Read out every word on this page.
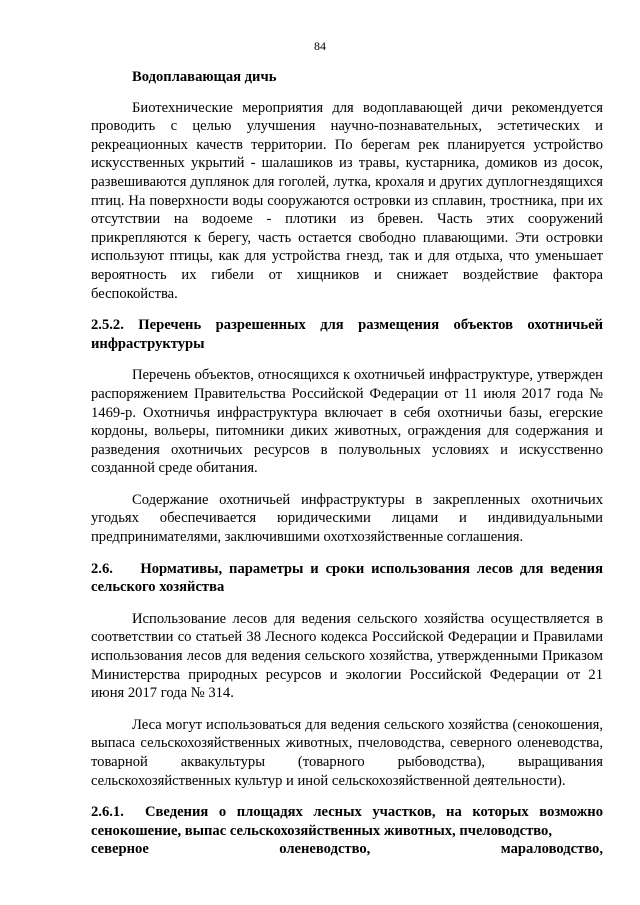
84
Водоплавающая дичь

Биотехнические мероприятия для водоплавающей дичи рекомендуется проводить с целью улучшения научно-познавательных, эстетических и рекреационных качеств территории. По берегам рек планируется устройство искусственных укрытий - шалашиков из травы, кустарника, домиков из досок, развешиваются дуплянок для гоголей, лутка, крохаля и других дуплогнездящихся птиц. На поверхности воды сооружаются островки из сплавин, тростника, при их отсутствии на водоеме - плотики из бревен. Часть этих сооружений прикрепляются к берегу, часть остается свободно плавающими. Эти островки используют птицы, как для устройства гнезд, так и для отдыха, что уменьшает вероятность их гибели от хищников и снижает воздействие фактора беспокойства.

2.5.2. Перечень разрешенных для размещения объектов охотничьей инфраструктуры

Перечень объектов, относящихся к охотничьей инфраструктуре, утвержден распоряжением Правительства Российской Федерации от 11 июля 2017 года № 1469-р. Охотничья инфраструктура включает в себя охотничьи базы, егерские кордоны, вольеры, питомники диких животных, ограждения для содержания и разведения охотничьих ресурсов в полувольных условиях и искусственно созданной среде обитания.

Содержание охотничьей инфраструктуры в закрепленных охотничьих угодьях обеспечивается юридическими лицами и индивидуальными предпринимателями, заключившими охотхозяйственные соглашения.

2.6. Нормативы, параметры и сроки использования лесов для ведения сельского хозяйства

Использование лесов для ведения сельского хозяйства осуществляется в соответствии со статьей 38 Лесного кодекса Российской Федерации и Правилами использования лесов для ведения сельского хозяйства, утвержденными Приказом Министерства природных ресурсов и экологии Российской Федерации от 21 июня 2017 года № 314.

Леса могут использоваться для ведения сельского хозяйства (сенокошения, выпаса сельскохозяйственных животных, пчеловодства, северного оленеводства, товарной аквакультуры (товарного рыбоводства), выращивания сельскохозяйственных культур и иной сельскохозяйственной деятельности).

2.6.1. Сведения о площадях лесных участков, на которых возможно сенокошение, выпас сельскохозяйственных животных, пчеловодство,
северное	оленеводство,	мараловодство,
